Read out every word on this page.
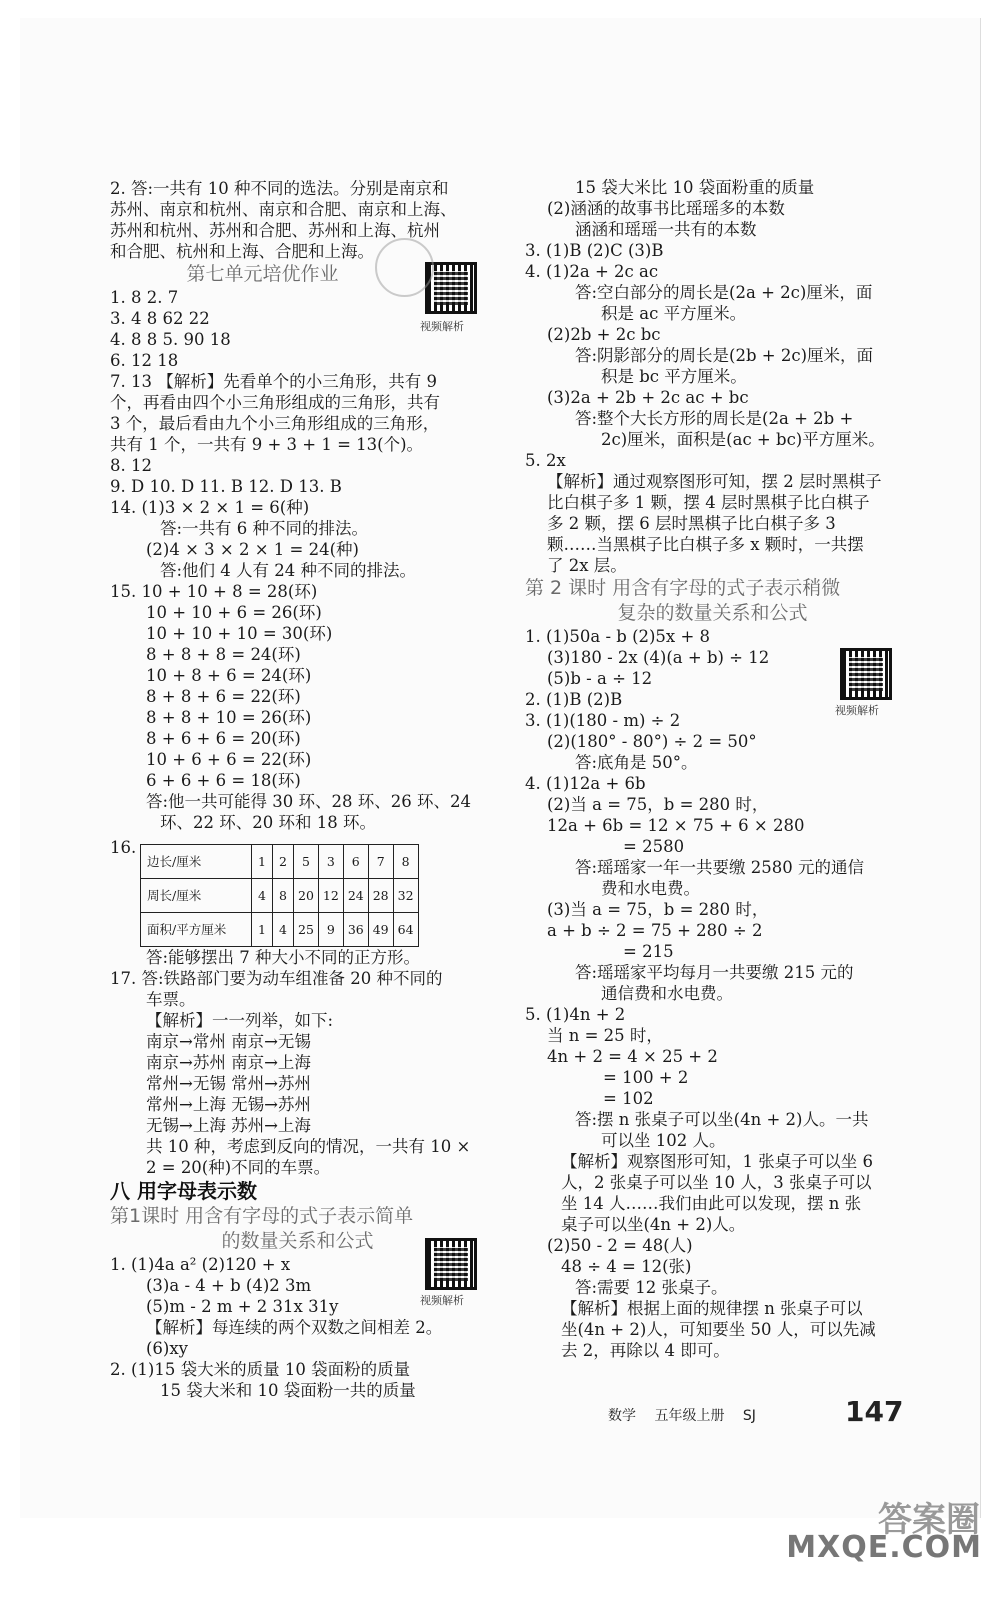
2. 答:一共有 10 种不同的选法。分别是南京和
苏州、南京和杭州、南京和合肥、南京和上海、
苏州和杭州、苏州和合肥、苏州和上海、杭州
和合肥、杭州和上海、合肥和上海。
第七单元培优作业
1. 8 2. 7
3. 4 8 62 22
4. 8 8 5. 90 18
6. 12 18
7. 13 【解析】先看单个的小三角形，共有 9
个，再看由四个小三角形组成的三角形，共有
3 个，最后看由九个小三角形组成的三角形，
共有 1 个，一共有 9 + 3 + 1 = 13(个)。
8. 12
9. D 10. D 11. B 12. D 13. B
14. (1)3 × 2 × 1 = 6(种)
答:一共有 6 种不同的排法。
(2)4 × 3 × 2 × 1 = 24(种)
答:他们 4 人有 24 种不同的排法。
15. 10 + 10 + 8 = 28(环)
10 + 10 + 6 = 26(环)
10 + 10 + 10 = 30(环)
8 + 8 + 8 = 24(环)
10 + 8 + 6 = 24(环)
8 + 8 + 6 = 22(环)
8 + 8 + 10 = 26(环)
8 + 6 + 6 = 20(环)
10 + 6 + 6 = 22(环)
6 + 6 + 6 = 18(环)
答:他一共可能得 30 环、28 环、26 环、24
环、22 环、20 环和 18 环。
16.
边长/厘米	1	2	5	3	6	7	8
周长/厘米	4	8	20	12	24	28	32
面积/平方厘米	1	4	25	9	36	49	64
答:能够摆出 7 种大小不同的正方形。
17. 答:铁路部门要为动车组准备 20 种不同的
车票。
【解析】一一列举，如下:
南京→常州 南京→无锡
南京→苏州 南京→上海
常州→无锡 常州→苏州
常州→上海 无锡→苏州
无锡→上海 苏州→上海
共 10 种，考虑到反向的情况，一共有 10 ×
2 = 20(种)不同的车票。
八 用字母表示数
第1课时 用含有字母的式子表示简单
的数量关系和公式
1. (1)4a a² (2)120 + x
(3)a - 4 + b (4)2 3m
(5)m - 2 m + 2 31x 31y
【解析】每连续的两个双数之间相差 2。
(6)xy
2. (1)15 袋大米的质量 10 袋面粉的质量
15 袋大米和 10 袋面粉一共的质量
15 袋大米比 10 袋面粉重的质量
(2)涵涵的故事书比瑶瑶多的本数
涵涵和瑶瑶一共有的本数
3. (1)B (2)C (3)B
4. (1)2a + 2c ac
答:空白部分的周长是(2a + 2c)厘米，面
积是 ac 平方厘米。
(2)2b + 2c bc
答:阴影部分的周长是(2b + 2c)厘米，面
积是 bc 平方厘米。
(3)2a + 2b + 2c ac + bc
答:整个大长方形的周长是(2a + 2b +
2c)厘米，面积是(ac + bc)平方厘米。
5. 2x
【解析】通过观察图形可知，摆 2 层时黑棋子
比白棋子多 1 颗，摆 4 层时黑棋子比白棋子
多 2 颗，摆 6 层时黑棋子比白棋子多 3
颗……当黑棋子比白棋子多 x 颗时，一共摆
了 2x 层。
第 2 课时 用含有字母的式子表示稍微
复杂的数量关系和公式
1. (1)50a - b (2)5x + 8
(3)180 - 2x (4)(a + b) ÷ 12
(5)b - a ÷ 12
2. (1)B (2)B
3. (1)(180 - m) ÷ 2
(2)(180° - 80°) ÷ 2 = 50°
答:底角是 50°。
4. (1)12a + 6b
(2)当 a = 75，b = 280 时，
12a + 6b = 12 × 75 + 6 × 280
= 2580
答:瑶瑶家一年一共要缴 2580 元的通信
费和水电费。
(3)当 a = 75，b = 280 时，
a + b ÷ 2 = 75 + 280 ÷ 2
= 215
答:瑶瑶家平均每月一共要缴 215 元的
通信费和水电费。
5. (1)4n + 2
当 n = 25 时，
4n + 2 = 4 × 25 + 2
= 100 + 2
= 102
答:摆 n 张桌子可以坐(4n + 2)人。一共
可以坐 102 人。
【解析】观察图形可知，1 张桌子可以坐 6
人，2 张桌子可以坐 10 人，3 张桌子可以
坐 14 人……我们由此可以发现，摆 n 张
桌子可以坐(4n + 2)人。
(2)50 - 2 = 48(人)
48 ÷ 4 = 12(张)
答:需要 12 张桌子。
【解析】根据上面的规律摆 n 张桌子可以
坐(4n + 2)人，可知要坐 50 人，可以先减
去 2，再除以 4 即可。
视频解析
视频解析
视频解析
数学 五年级上册 SJ	147
答案圈
MXQE.COM
